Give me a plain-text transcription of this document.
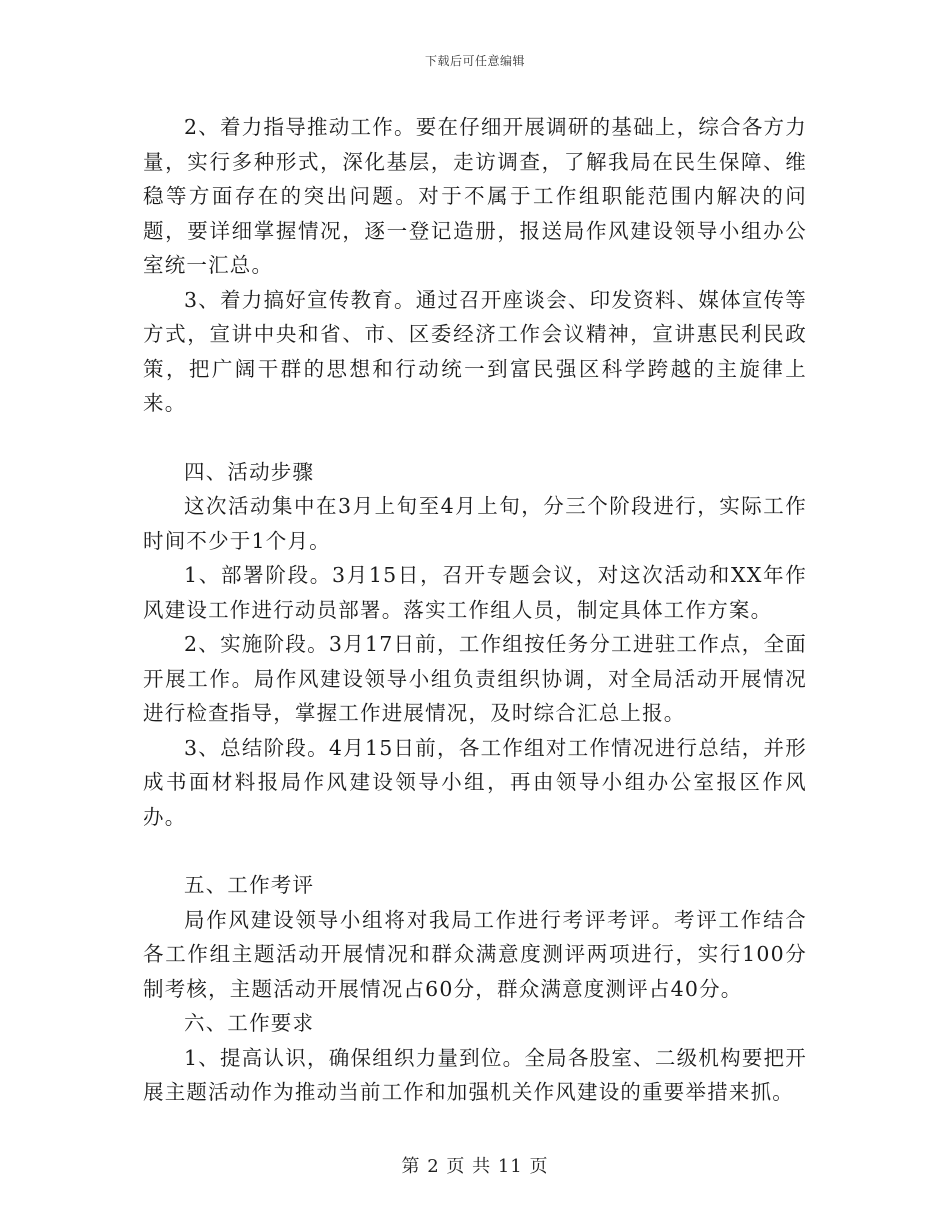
下载后可任意编辑

2、着力指导推动工作。要在仔细开展调研的基础上，综合各方力量，实行多种形式，深化基层，走访调查，了解我局在民生保障、维稳等方面存在的突出问题。对于不属于工作组职能范围内解决的问题，要详细掌握情况，逐一登记造册，报送局作风建设领导小组办公室统一汇总。

3、着力搞好宣传教育。通过召开座谈会、印发资料、媒体宣传等方式，宣讲中央和省、市、区委经济工作会议精神，宣讲惠民利民政策，把广阔干群的思想和行动统一到富民强区科学跨越的主旋律上来。

四、活动步骤

这次活动集中在3月上旬至4月上旬，分三个阶段进行，实际工作时间不少于1个月。

1、部署阶段。3月15日，召开专题会议，对这次活动和XX年作风建设工作进行动员部署。落实工作组人员，制定具体工作方案。

2、实施阶段。3月17日前，工作组按任务分工进驻工作点，全面开展工作。局作风建设领导小组负责组织协调，对全局活动开展情况进行检查指导，掌握工作进展情况，及时综合汇总上报。

3、总结阶段。4月15日前，各工作组对工作情况进行总结，并形成书面材料报局作风建设领导小组，再由领导小组办公室报区作风办。

五、工作考评

局作风建设领导小组将对我局工作进行考评考评。考评工作结合各工作组主题活动开展情况和群众满意度测评两项进行，实行100分制考核，主题活动开展情况占60分，群众满意度测评占40分。

六、工作要求

1、提高认识，确保组织力量到位。全局各股室、二级机构要把开展主题活动作为推动当前工作和加强机关作风建设的重要举措来抓。

第 2 页 共 11 页
